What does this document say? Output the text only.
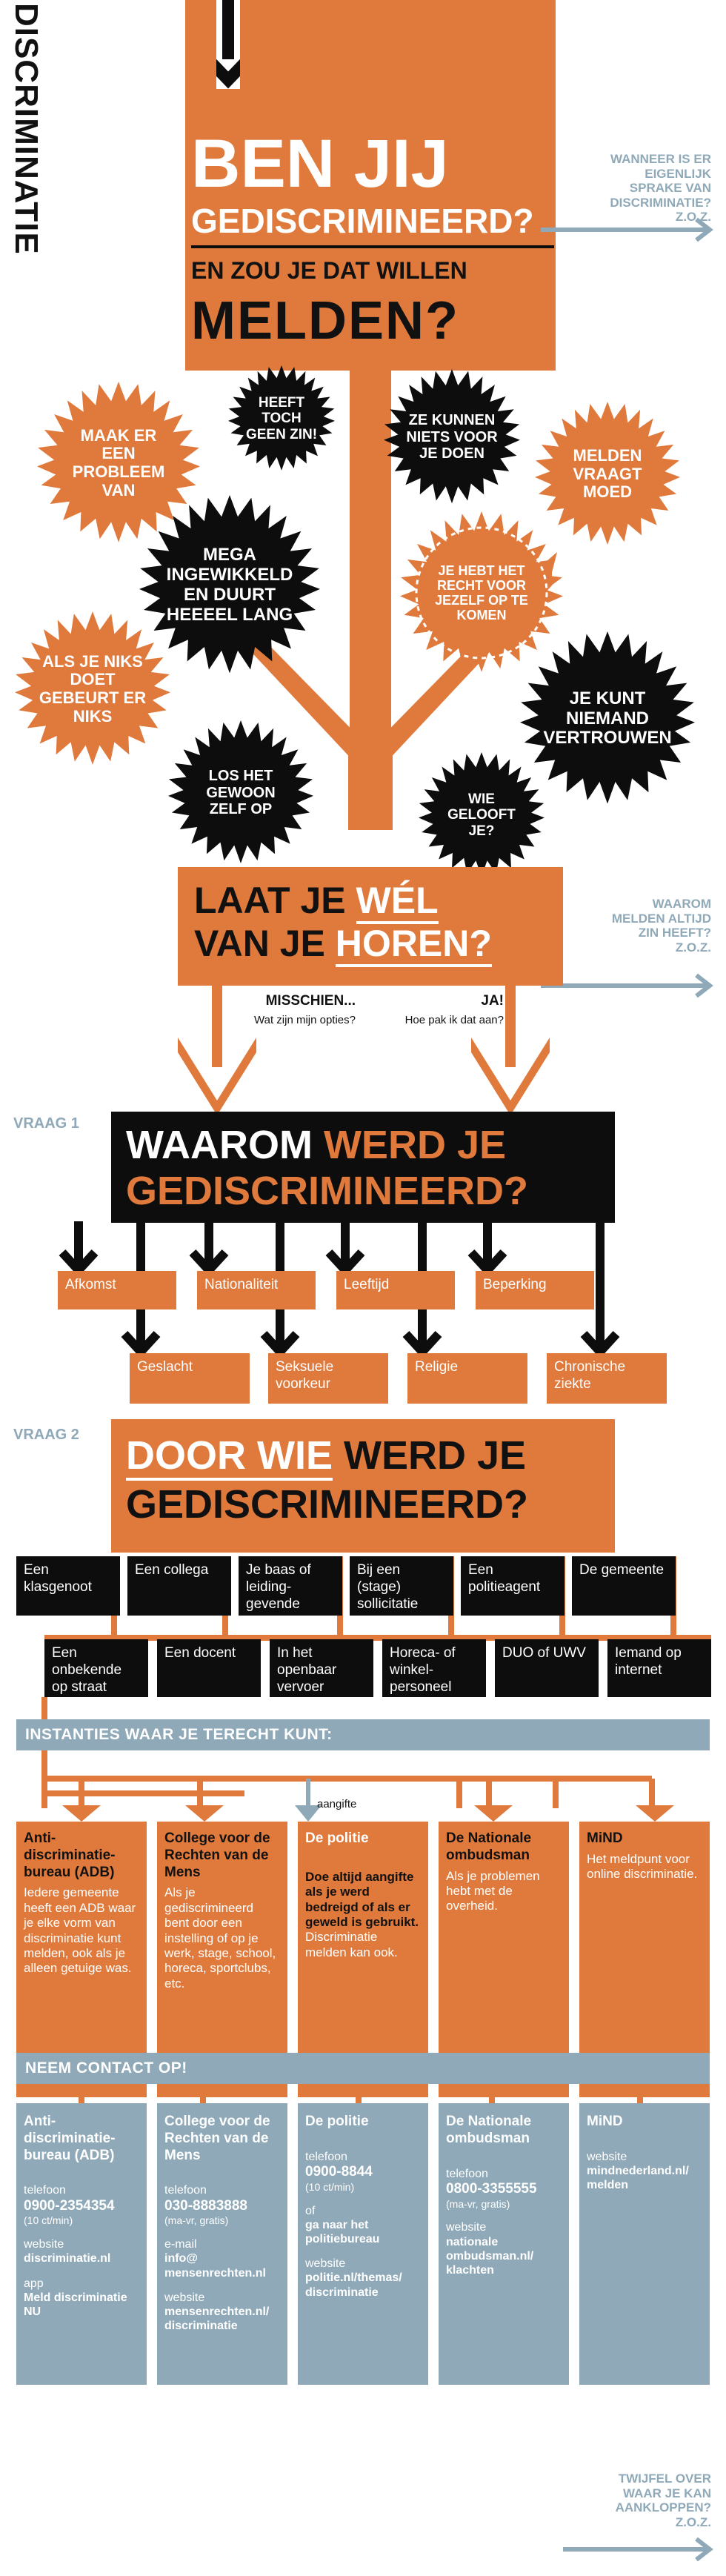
DISCRIMINATIE BEN JIJ
GEDISCRIMINEERD?
EN ZOU JE DAT WILLEN
MELDEN?
WANNEER IS ER EIGENLIJK SPRAKE VAN DISCRIMINATIE? Z.O.Z.
WAAROM MELDEN ALTIJD ZIN HEEFT? Z.O.Z.
TWIJFEL OVER WAAR JE KAN AANKLOPPEN? Z.O.Z.
HEEFT TOCH GEEN ZIN!
ZE KUNNEN NIETS VOOR JE DOEN
MAAK ER EEN PROBLEEM VAN
MELDEN VRAAGT MOED
MEGA INGEWIKKELD EN DUURT HEEEEL LANG
JE HEBT HET RECHT VOOR JEZELF OP TE KOMEN
ALS JE NIKS DOET GEBEURT ER NIKS
JE KUNT NIEMAND VERTROUWEN
LOS HET GEWOON ZELF OP
WIE GELOOFT JE?
LAAT JE WÉL
VAN JE HOREN?
MISSCHIEN...
Wat zijn mijn opties?
JA!
Hoe pak ik dat aan?
VRAAG 1 WAAROM WERD JE
GEDISCRIMINEERD?
Afkomst	Nationaliteit	Leeftijd	Beperking
Geslacht	Seksuele voorkeur
Religie	Chronische ziekte
VRAAG 2 DOOR WIE WERD JE
GEDISCRIMINEERD?
Een klasgenoot
Een collega	Je baas of leiding-gevende
Bij een (stage) sollicitatie
Een politieagent
De gemeente
Een onbekende op straat
Een docent	In het openbaar vervoer
Horeca- of winkel-personeel
DUO of UWV	Iemand op internet
INSTANTIES WAAR JE TERECHT KUNT:
aangifte
Anti-discriminatie-bureau (ADB)
Iedere gemeente heeft een ADB waar je elke vorm van discriminatie kunt melden, ook als je alleen getuige was.
College voor de Rechten van de Mens
Als je gediscrimineerd bent door een instelling of op je werk, stage, school, horeca, sportclubs, etc.
De politie
Doe altijd aangifte als je werd bedreigd of als er geweld is gebruikt.
Discriminatie melden kan ook.
De Nationale ombudsman
Als je problemen hebt met de overheid.
MiND
Het meldpunt voor online discriminatie.
NEEM CONTACT OP!
Anti-discriminatie-bureau (ADB)
telefoon
0900-2354354
(10 ct/min)
website
discriminatie.nl
app
Meld discriminatie NU
College voor de Rechten van de Mens
telefoon
030-8883888
(ma-vr, gratis)
e-mail
info@ mensenrechten.nl
website
mensenrechten.nl/ discriminatie
De politie
telefoon
0900-8844
(10 ct/min)
of
ga naar het politiebureau
website
politie.nl/themas/ discriminatie
De Nationale ombudsman
telefoon
0800-3355555
(ma-vr, gratis)
website
nationale ombudsman.nl/ klachten
MiND
website
mindnederland.nl/ melden
